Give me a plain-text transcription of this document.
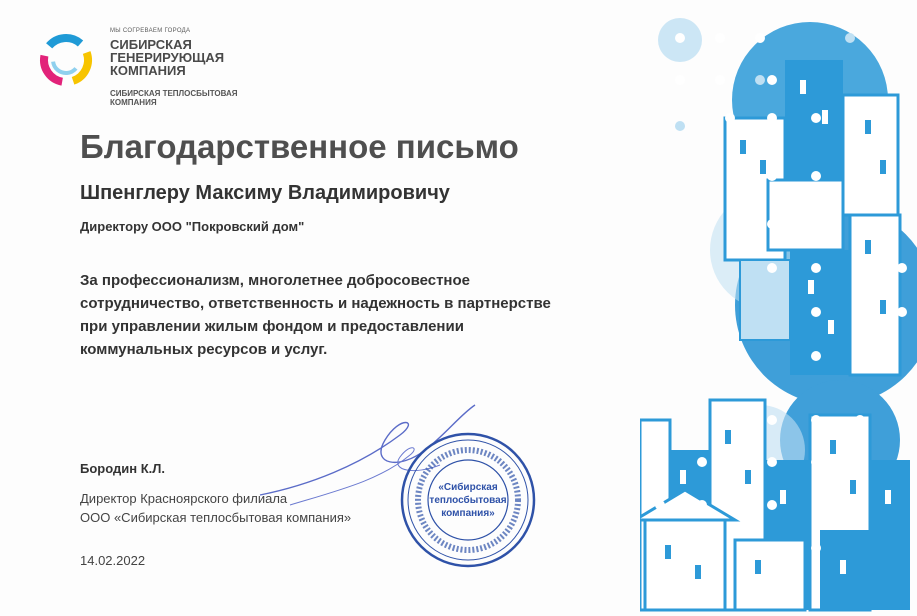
МЫ СОГРЕВАЕМ ГОРОДА
СИБИРСКАЯ
ГЕНЕРИРУЮЩАЯ
КОМПАНИЯ
СИБИРСКАЯ ТЕПЛОСБЫТОВАЯ
КОМПАНИЯ
Благодарственное письмо
Шпенглеру Максиму Владимировичу
Директору ООО "Покровский дом"
За профессионализм, многолетнее добросовестное
сотрудничество, ответственность и надежность в партнерстве
при управлении жилым фондом и предоставлении
коммунальных ресурсов и услуг.
Бородин К.Л.
Директор Красноярского филиала
ООО «Сибирская теплосбытовая компания»
14.02.2022
«Сибирская
теплосбытовая
компания»
